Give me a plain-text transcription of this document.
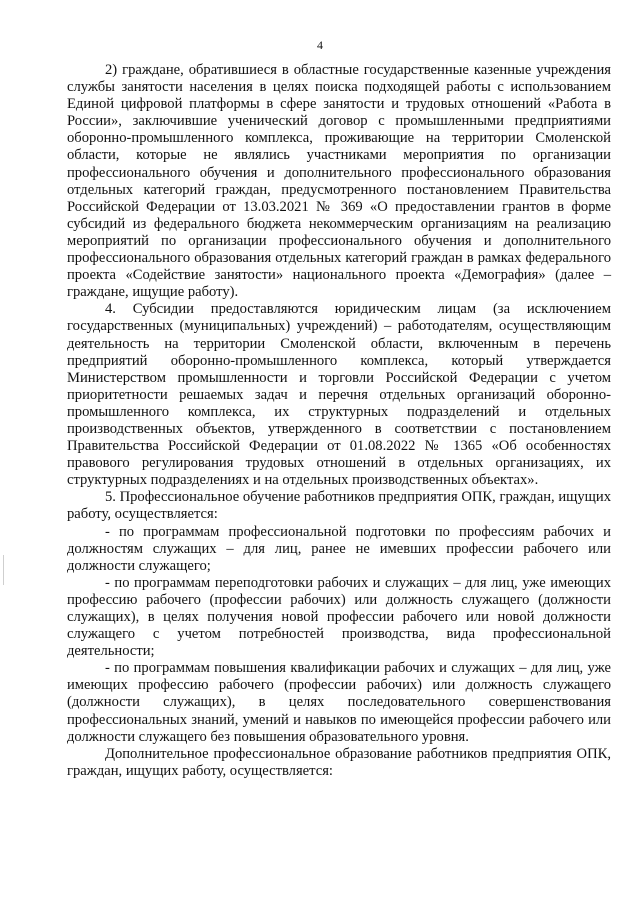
4

2) граждане, обратившиеся в областные государственные казенные учреждения службы занятости населения в целях поиска подходящей работы с использованием Единой цифровой платформы в сфере занятости и трудовых отношений «Работа в России», заключившие ученический договор с промышленными предприятиями оборонно-промышленного комплекса, проживающие на территории Смоленской области, которые не являлись участниками мероприятия по организации профессионального обучения и дополнительного профессионального образования отдельных категорий граждан, предусмотренного постановлением Правительства Российской Федерации от 13.03.2021 № 369 «О предоставлении грантов в форме субсидий из федерального бюджета некоммерческим организациям на реализацию мероприятий по организации профессионального обучения и дополнительного профессионального образования отдельных категорий граждан в рамках федерального проекта «Содействие занятости» национального проекта «Демография» (далее – граждане, ищущие работу).

4. Субсидии предоставляются юридическим лицам (за исключением государственных (муниципальных) учреждений) – работодателям, осуществляющим деятельность на территории Смоленской области, включенным в перечень предприятий оборонно-промышленного комплекса, который утверждается Министерством промышленности и торговли Российской Федерации с учетом приоритетности решаемых задач и перечня отдельных организаций оборонно-промышленного комплекса, их структурных подразделений и отдельных производственных объектов, утвержденного в соответствии с постановлением Правительства Российской Федерации от 01.08.2022 № 1365 «Об особенностях правового регулирования трудовых отношений в отдельных организациях, их структурных подразделениях и на отдельных производственных объектах».

5. Профессиональное обучение работников предприятия ОПК, граждан, ищущих работу, осуществляется:

- по программам профессиональной подготовки по профессиям рабочих и должностям служащих – для лиц, ранее не имевших профессии рабочего или должности служащего;

- по программам переподготовки рабочих и служащих – для лиц, уже имеющих профессию рабочего (профессии рабочих) или должность служащего (должности служащих), в целях получения новой профессии рабочего или новой должности служащего с учетом потребностей производства, вида профессиональной деятельности;

- по программам повышения квалификации рабочих и служащих – для лиц, уже имеющих профессию рабочего (профессии рабочих) или должность служащего (должности служащих), в целях последовательного совершенствования профессиональных знаний, умений и навыков по имеющейся профессии рабочего или должности служащего без повышения образовательного уровня.

Дополнительное профессиональное образование работников предприятия ОПК, граждан, ищущих работу, осуществляется:
